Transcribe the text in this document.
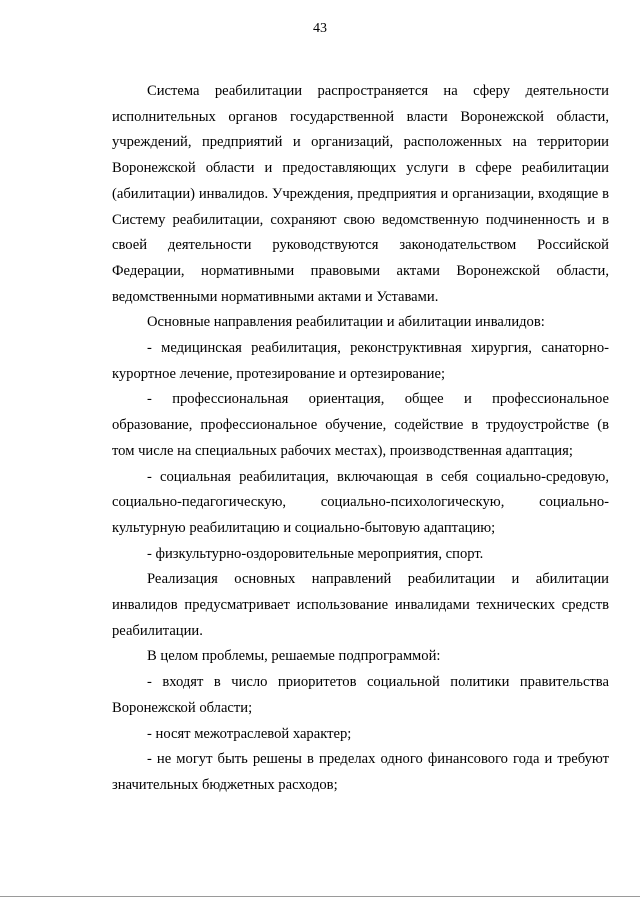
43

Система реабилитации распространяется на сферу деятельности исполнительных органов государственной власти Воронежской области, учреждений, предприятий и организаций, расположенных на территории Воронежской области и предоставляющих услуги в сфере реабилитации (абилитации) инвалидов. Учреждения, предприятия и организации, входящие в Систему реабилитации, сохраняют свою ведомственную подчиненность и в своей деятельности руководствуются законодательством Российской Федерации, нормативными правовыми актами Воронежской области, ведомственными нормативными актами и Уставами.

Основные направления реабилитации и абилитации инвалидов:

- медицинская реабилитация, реконструктивная хирургия, санаторно-курортное лечение, протезирование и ортезирование;

- профессиональная ориентация, общее и профессиональное образование, профессиональное обучение, содействие в трудоустройстве (в том числе на специальных рабочих местах), производственная адаптация;

- социальная реабилитация, включающая в себя социально-средовую, социально-педагогическую, социально-психологическую, социально-культурную реабилитацию и социально-бытовую адаптацию;

- физкультурно-оздоровительные мероприятия, спорт.

Реализация основных направлений реабилитации и абилитации инвалидов предусматривает использование инвалидами технических средств реабилитации.

В целом проблемы, решаемые подпрограммой:

- входят в число приоритетов социальной политики правительства Воронежской области;

- носят межотраслевой характер;

- не могут быть решены в пределах одного финансового года и требуют значительных бюджетных расходов;
